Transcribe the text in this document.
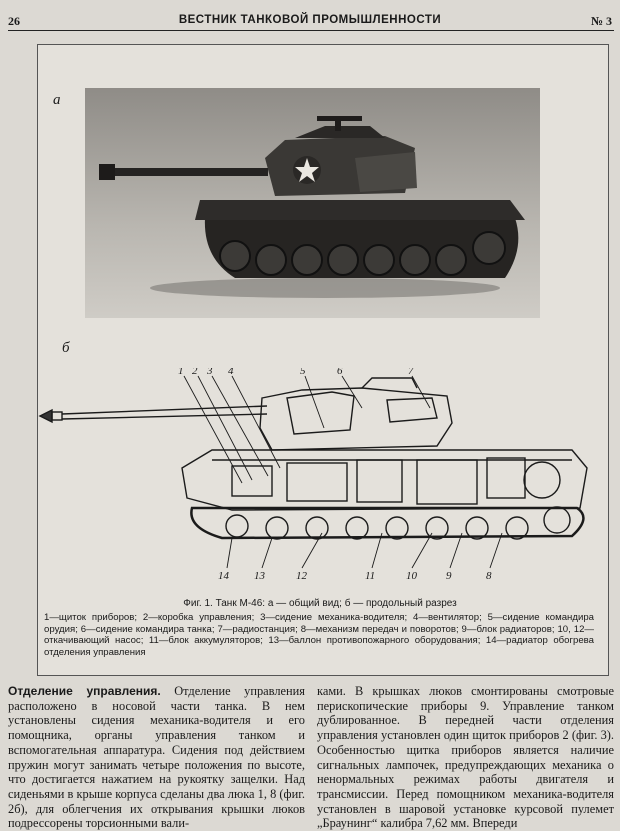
26	ВЕСТНИК ТАНКОВОЙ ПРОМЫШЛЕННОСТИ	№ 3
а
б
1 2 3 4	5	6	7
14 13	12	11	10	9	8
Фиг. 1. Танк М-46: а — общий вид; б — продольный разрез
1—щиток приборов; 2—коробка управления; 3—сидение механика-водителя; 4—вентилятор; 5—сидение командира орудия; 6—сидение командира танка; 7—радиостанция; 8—механизм передач и поворотов; 9—блок радиаторов; 10, 12—откачивающий насос; 11—блок аккумуляторов; 13—баллон противопожарного оборудования; 14—радиатор обогрева отделения управления
Отделение управления. Отделение управления расположено в носовой части танка. В нем установлены сидения механика-водителя и его помощника, органы управления танком и вспомогательная аппаратура. Сидения под действием пружин могут занимать четыре положения по высоте, что достигается нажатием на рукоятку защелки. Над сиденьями в крыше корпуса сделаны два люка 1, 8 (фиг. 2б), для облегчения их открывания крышки люков подрессорены торсионными вали-
ками. В крышках люков смонтированы смотровые перископические приборы 9. Управление танком дублированное. В передней части отделения управления установлен один щиток приборов 2 (фиг. 3). Особенностью щитка приборов является наличие сигнальных лампочек, предупреждающих механика о ненормальных режимах работы двигателя и трансмиссии. Перед помощником механика-водителя установлен в шаровой установке курсовой пулемет „Браунинг“ калибра 7,62 мм. Впереди
